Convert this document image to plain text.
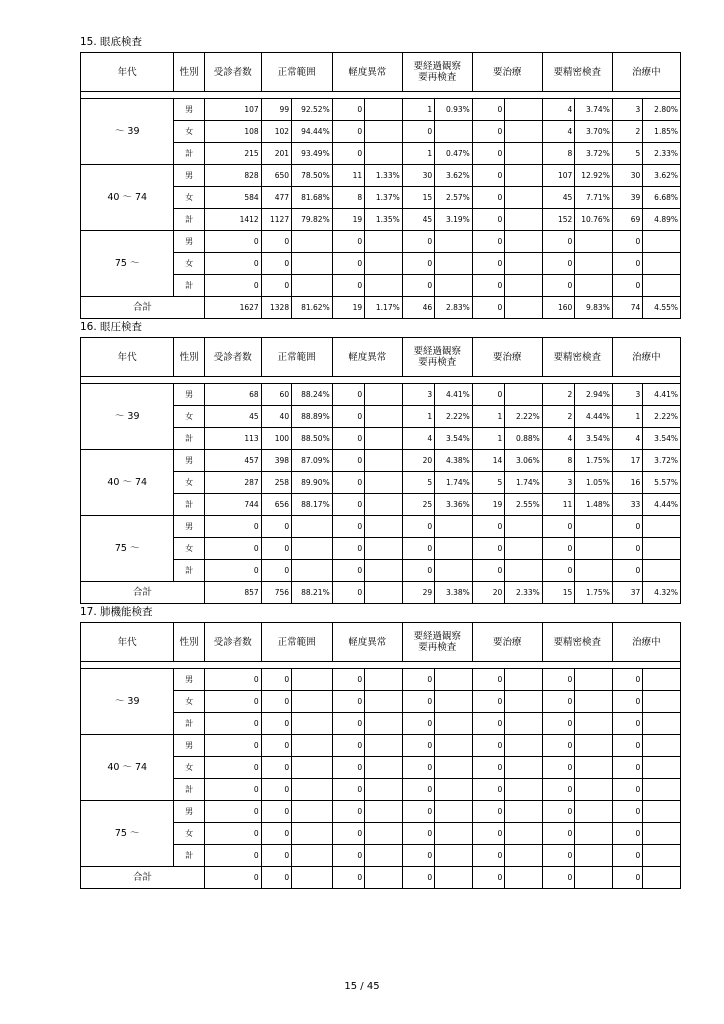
15. 眼底検査
年代	性別	受診者数	正常範囲		軽度異常		要経過観察
要再検査		要治療		要精密検査		治療中	

～ 39	男	107	99	92.52%	0		1	0.93%	0		4	3.74%	3	2.80%
	女	108	102	94.44%	0		0		0		4	3.70%	2	1.85%
	計	215	201	93.49%	0		1	0.47%	0		8	3.72%	5	2.33%
40 ～ 74	男	828	650	78.50%	11	1.33%	30	3.62%	0		107	12.92%	30	3.62%
	女	584	477	81.68%	8	1.37%	15	2.57%	0		45	7.71%	39	6.68%
	計	1412	1127	79.82%	19	1.35%	45	3.19%	0		152	10.76%	69	4.89%
75 ～	男	0	0		0		0		0		0		0	
	女	0	0		0		0		0		0		0	
	計	0	0		0		0		0		0		0	
合計		1627	1328	81.62%	19	1.17%	46	2.83%	0		160	9.83%	74	4.55%
16. 眼圧検査
年代	性別	受診者数	正常範囲		軽度異常		要経過観察
要再検査		要治療		要精密検査		治療中	

～ 39	男	68	60	88.24%	0		3	4.41%	0		2	2.94%	3	4.41%
	女	45	40	88.89%	0		1	2.22%	1	2.22%	2	4.44%	1	2.22%
	計	113	100	88.50%	0		4	3.54%	1	0.88%	4	3.54%	4	3.54%
40 ～ 74	男	457	398	87.09%	0		20	4.38%	14	3.06%	8	1.75%	17	3.72%
	女	287	258	89.90%	0		5	1.74%	5	1.74%	3	1.05%	16	5.57%
	計	744	656	88.17%	0		25	3.36%	19	2.55%	11	1.48%	33	4.44%
75 ～	男	0	0		0		0		0		0		0	
	女	0	0		0		0		0		0		0	
	計	0	0		0		0		0		0		0	
合計		857	756	88.21%	0		29	3.38%	20	2.33%	15	1.75%	37	4.32%
17. 肺機能検査
年代	性別	受診者数	正常範囲		軽度異常		要経過観察
要再検査		要治療		要精密検査		治療中	

～ 39	男	0	0		0		0		0		0		0	
	女	0	0		0		0		0		0		0	
	計	0	0		0		0		0		0		0	
40 ～ 74	男	0	0		0		0		0		0		0	
	女	0	0		0		0		0		0		0	
	計	0	0		0		0		0		0		0	
75 ～	男	0	0		0		0		0		0		0	
	女	0	0		0		0		0		0		0	
	計	0	0		0		0		0		0		0	
合計		0	0		0		0		0		0		0	
15 / 45
